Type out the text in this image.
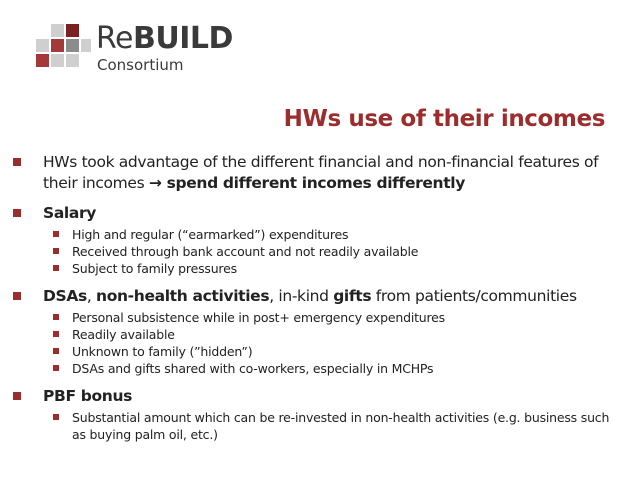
ReBUILD
Consortium
HWs use of their incomes
HWs took advantage of the different financial and non-financial features of their incomes → spend different incomes differently
Salary
High and regular (“earmarked”) expenditures
Received through bank account and not readily available
Subject to family pressures
DSAs, non-health activities, in-kind gifts from patients/communities
Personal subsistence while in post+ emergency expenditures
Readily available
Unknown to family (”hidden”)
DSAs and gifts shared with co-workers, especially in MCHPs
PBF bonus
Substantial amount which can be re-invested in non-health activities (e.g. business such as buying palm oil, etc.)
